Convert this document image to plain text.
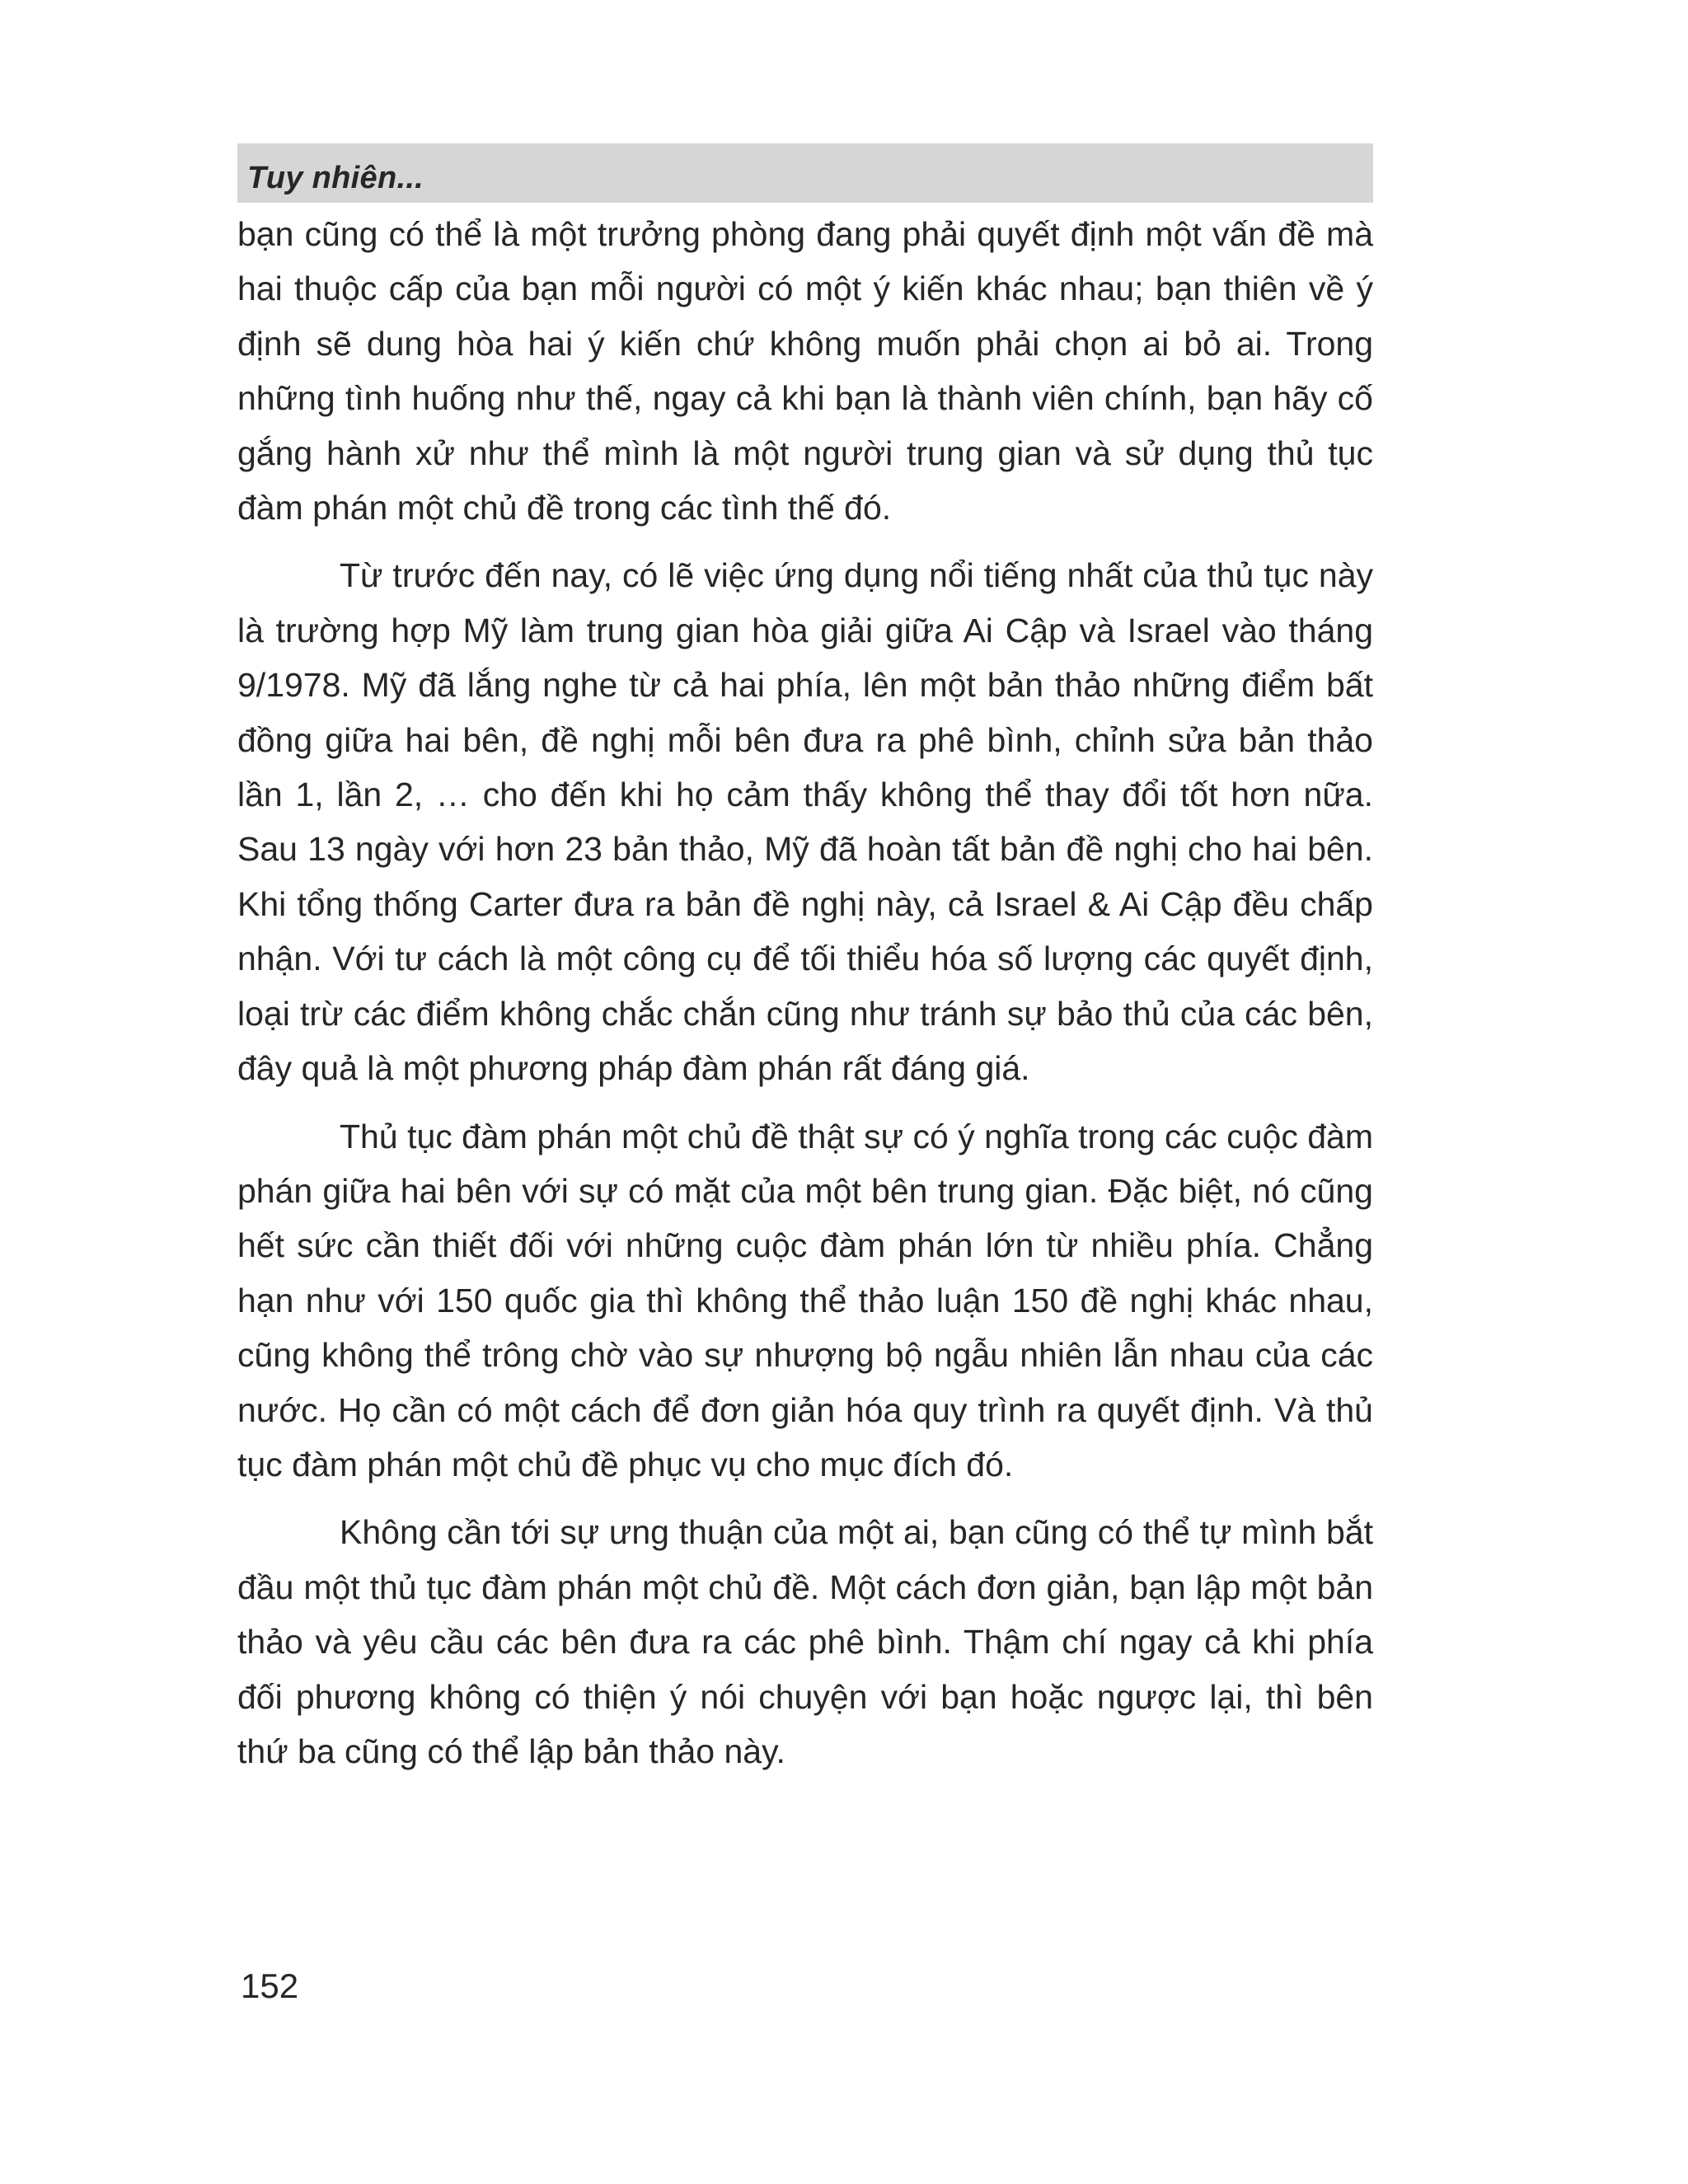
Tuy nhiên...

bạn cũng có thể là một trưởng phòng đang phải quyết định một vấn đề mà hai thuộc cấp của bạn mỗi người có một ý kiến khác nhau; bạn thiên về ý định sẽ dung hòa hai ý kiến chứ không muốn phải chọn ai bỏ ai. Trong những tình huống như thế, ngay cả khi bạn là thành viên chính, bạn hãy cố gắng hành xử như thể mình là một người trung gian và sử dụng thủ tục đàm phán một chủ đề trong các tình thế đó.

Từ trước đến nay, có lẽ việc ứng dụng nổi tiếng nhất của thủ tục này là trường hợp Mỹ làm trung gian hòa giải giữa Ai Cập và Israel vào tháng 9/1978. Mỹ đã lắng nghe từ cả hai phía, lên một bản thảo những điểm bất đồng giữa hai bên, đề nghị mỗi bên đưa ra phê bình, chỉnh sửa bản thảo lần 1, lần 2, … cho đến khi họ cảm thấy không thể thay đổi tốt hơn nữa. Sau 13 ngày với hơn 23 bản thảo, Mỹ đã hoàn tất bản đề nghị cho hai bên. Khi tổng thống Carter đưa ra bản đề nghị này, cả Israel & Ai Cập đều chấp nhận. Với tư cách là một công cụ để tối thiểu hóa số lượng các quyết định, loại trừ các điểm không chắc chắn cũng như tránh sự bảo thủ của các bên, đây quả là một phương pháp đàm phán rất đáng giá.

Thủ tục đàm phán một chủ đề thật sự có ý nghĩa trong các cuộc đàm phán giữa hai bên với sự có mặt của một bên trung gian. Đặc biệt, nó cũng hết sức cần thiết đối với những cuộc đàm phán lớn từ nhiều phía. Chẳng hạn như với 150 quốc gia thì không thể thảo luận 150 đề nghị khác nhau, cũng không thể trông chờ vào sự nhượng bộ ngẫu nhiên lẫn nhau của các nước. Họ cần có một cách để đơn giản hóa quy trình ra quyết định. Và thủ tục đàm phán một chủ đề phục vụ cho mục đích đó.

Không cần tới sự ưng thuận của một ai, bạn cũng có thể tự mình bắt đầu một thủ tục đàm phán một chủ đề. Một cách đơn giản, bạn lập một bản thảo và yêu cầu các bên đưa ra các phê bình. Thậm chí ngay cả khi phía đối phương không có thiện ý nói chuyện với bạn hoặc ngược lại, thì bên thứ ba cũng có thể lập bản thảo này.

152
